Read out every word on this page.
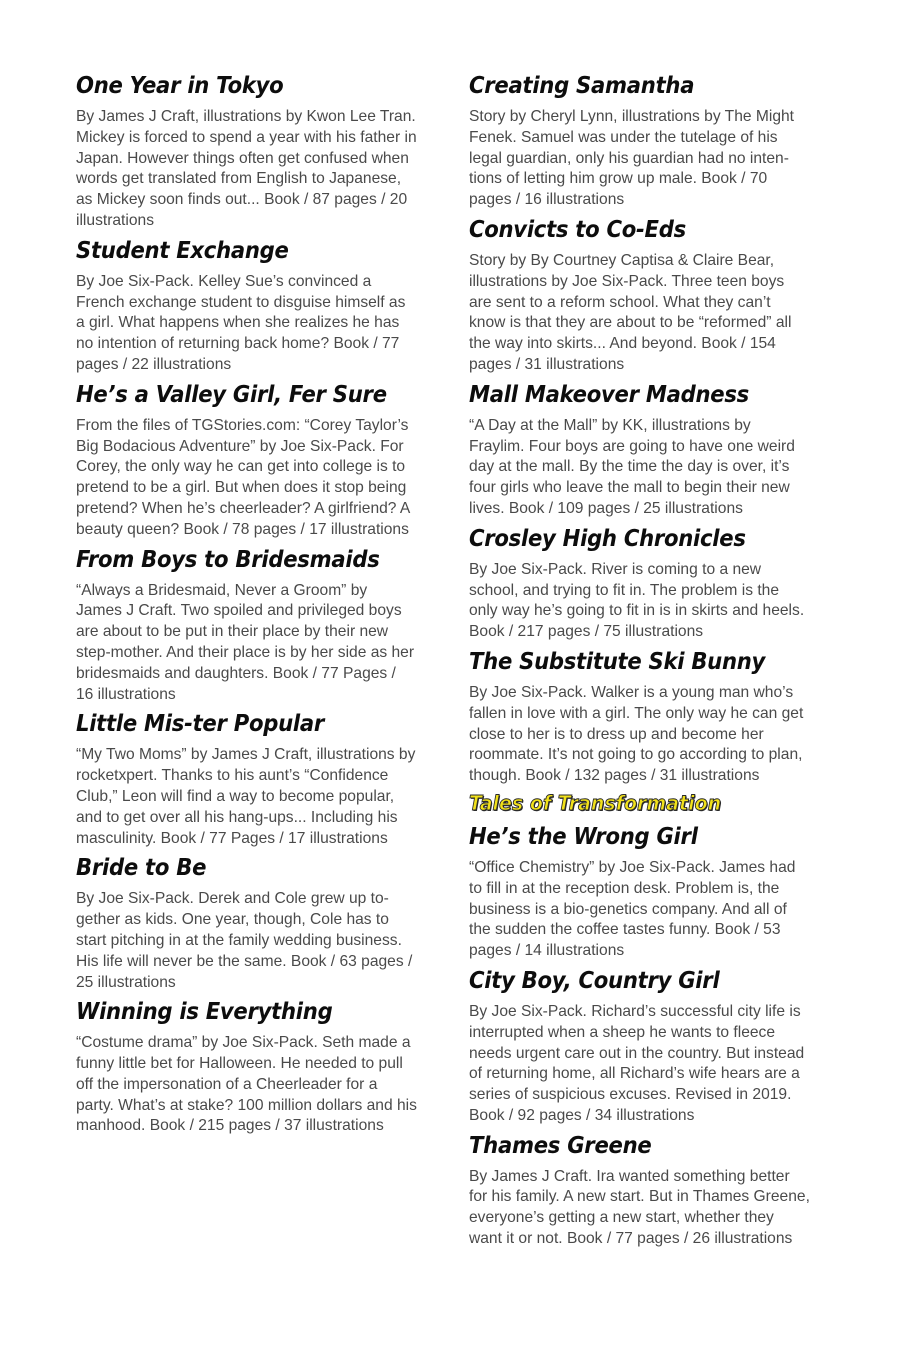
One Year in Tokyo

By James J Craft, illustrations by Kwon Lee Tran.
Mickey is forced to spend a year with his father in
Japan. However things often get confused when
words get translated from English to Japanese,
as Mickey soon finds out... Book / 87 pages / 20
illustrations

Student Exchange

By Joe Six-Pack. Kelley Sue’s convinced a
French exchange student to disguise himself as
a girl. What happens when she realizes he has
no intention of returning back home? Book / 77
pages / 22 illustrations

He’s a Valley Girl, Fer Sure

From the files of TGStories.com: “Corey Taylor’s
Big Bodacious Adventure” by Joe Six-Pack. For
Corey, the only way he can get into college is to
pretend to be a girl. But when does it stop being
pretend? When he’s cheerleader? A girlfriend? A
beauty queen? Book / 78 pages / 17 illustrations

From Boys to Bridesmaids

“Always a Bridesmaid, Never a Groom” by
James J Craft. Two spoiled and privileged boys
are about to be put in their place by their new
step-mother. And their place is by her side as her
bridesmaids and daughters. Book / 77 Pages /
16 illustrations

Little Mis-ter Popular

“My Two Moms” by James J Craft, illustrations by
rocketxpert. Thanks to his aunt’s “Confidence
Club,” Leon will find a way to become popular,
and to get over all his hang-ups... Including his
masculinity. Book / 77 Pages / 17 illustrations

Bride to Be

By Joe Six-Pack. Derek and Cole grew up to-
gether as kids. One year, though, Cole has to
start pitching in at the family wedding business.
His life will never be the same. Book / 63 pages /
25 illustrations

Winning is Everything

“Costume drama” by Joe Six-Pack. Seth made a
funny little bet for Halloween. He needed to pull
off the impersonation of a Cheerleader for a
party. What’s at stake? 100 million dollars and his
manhood. Book / 215 pages / 37 illustrations

Creating Samantha

Story by Cheryl Lynn, illustrations by The Might
Fenek. Samuel was under the tutelage of his
legal guardian, only his guardian had no inten-
tions of letting him grow up male. Book / 70
pages / 16 illustrations

Convicts to Co-Eds

Story by By Courtney Captisa & Claire Bear,
illustrations by Joe Six-Pack. Three teen boys
are sent to a reform school. What they can’t
know is that they are about to be “reformed” all
the way into skirts... And beyond. Book / 154
pages / 31 illustrations

Mall Makeover Madness

“A Day at the Mall” by KK, illustrations by
Fraylim. Four boys are going to have one weird
day at the mall. By the time the day is over, it’s
four girls who leave the mall to begin their new
lives. Book / 109 pages / 25 illustrations

Crosley High Chronicles

By Joe Six-Pack. River is coming to a new
school, and trying to fit in. The problem is the
only way he’s going to fit in is in skirts and heels.
Book / 217 pages / 75 illustrations

The Substitute Ski Bunny

By Joe Six-Pack. Walker is a young man who’s
fallen in love with a girl. The only way he can get
close to her is to dress up and become her
roommate. It’s not going to go according to plan,
though. Book / 132 pages / 31 illustrations

Tales of Transformation
He’s the Wrong Girl

“Office Chemistry” by Joe Six-Pack. James had
to fill in at the reception desk. Problem is, the
business is a bio-genetics company. And all of
the sudden the coffee tastes funny. Book / 53
pages / 14 illustrations

City Boy, Country Girl

By Joe Six-Pack. Richard’s successful city life is
interrupted when a sheep he wants to fleece
needs urgent care out in the country. But instead
of returning home, all Richard’s wife hears are a
series of suspicious excuses. Revised in 2019.
Book / 92 pages / 34 illustrations

Thames Greene

By James J Craft. Ira wanted something better
for his family. A new start. But in Thames Greene,
everyone’s getting a new start, whether they
want it or not. Book / 77 pages / 26 illustrations
